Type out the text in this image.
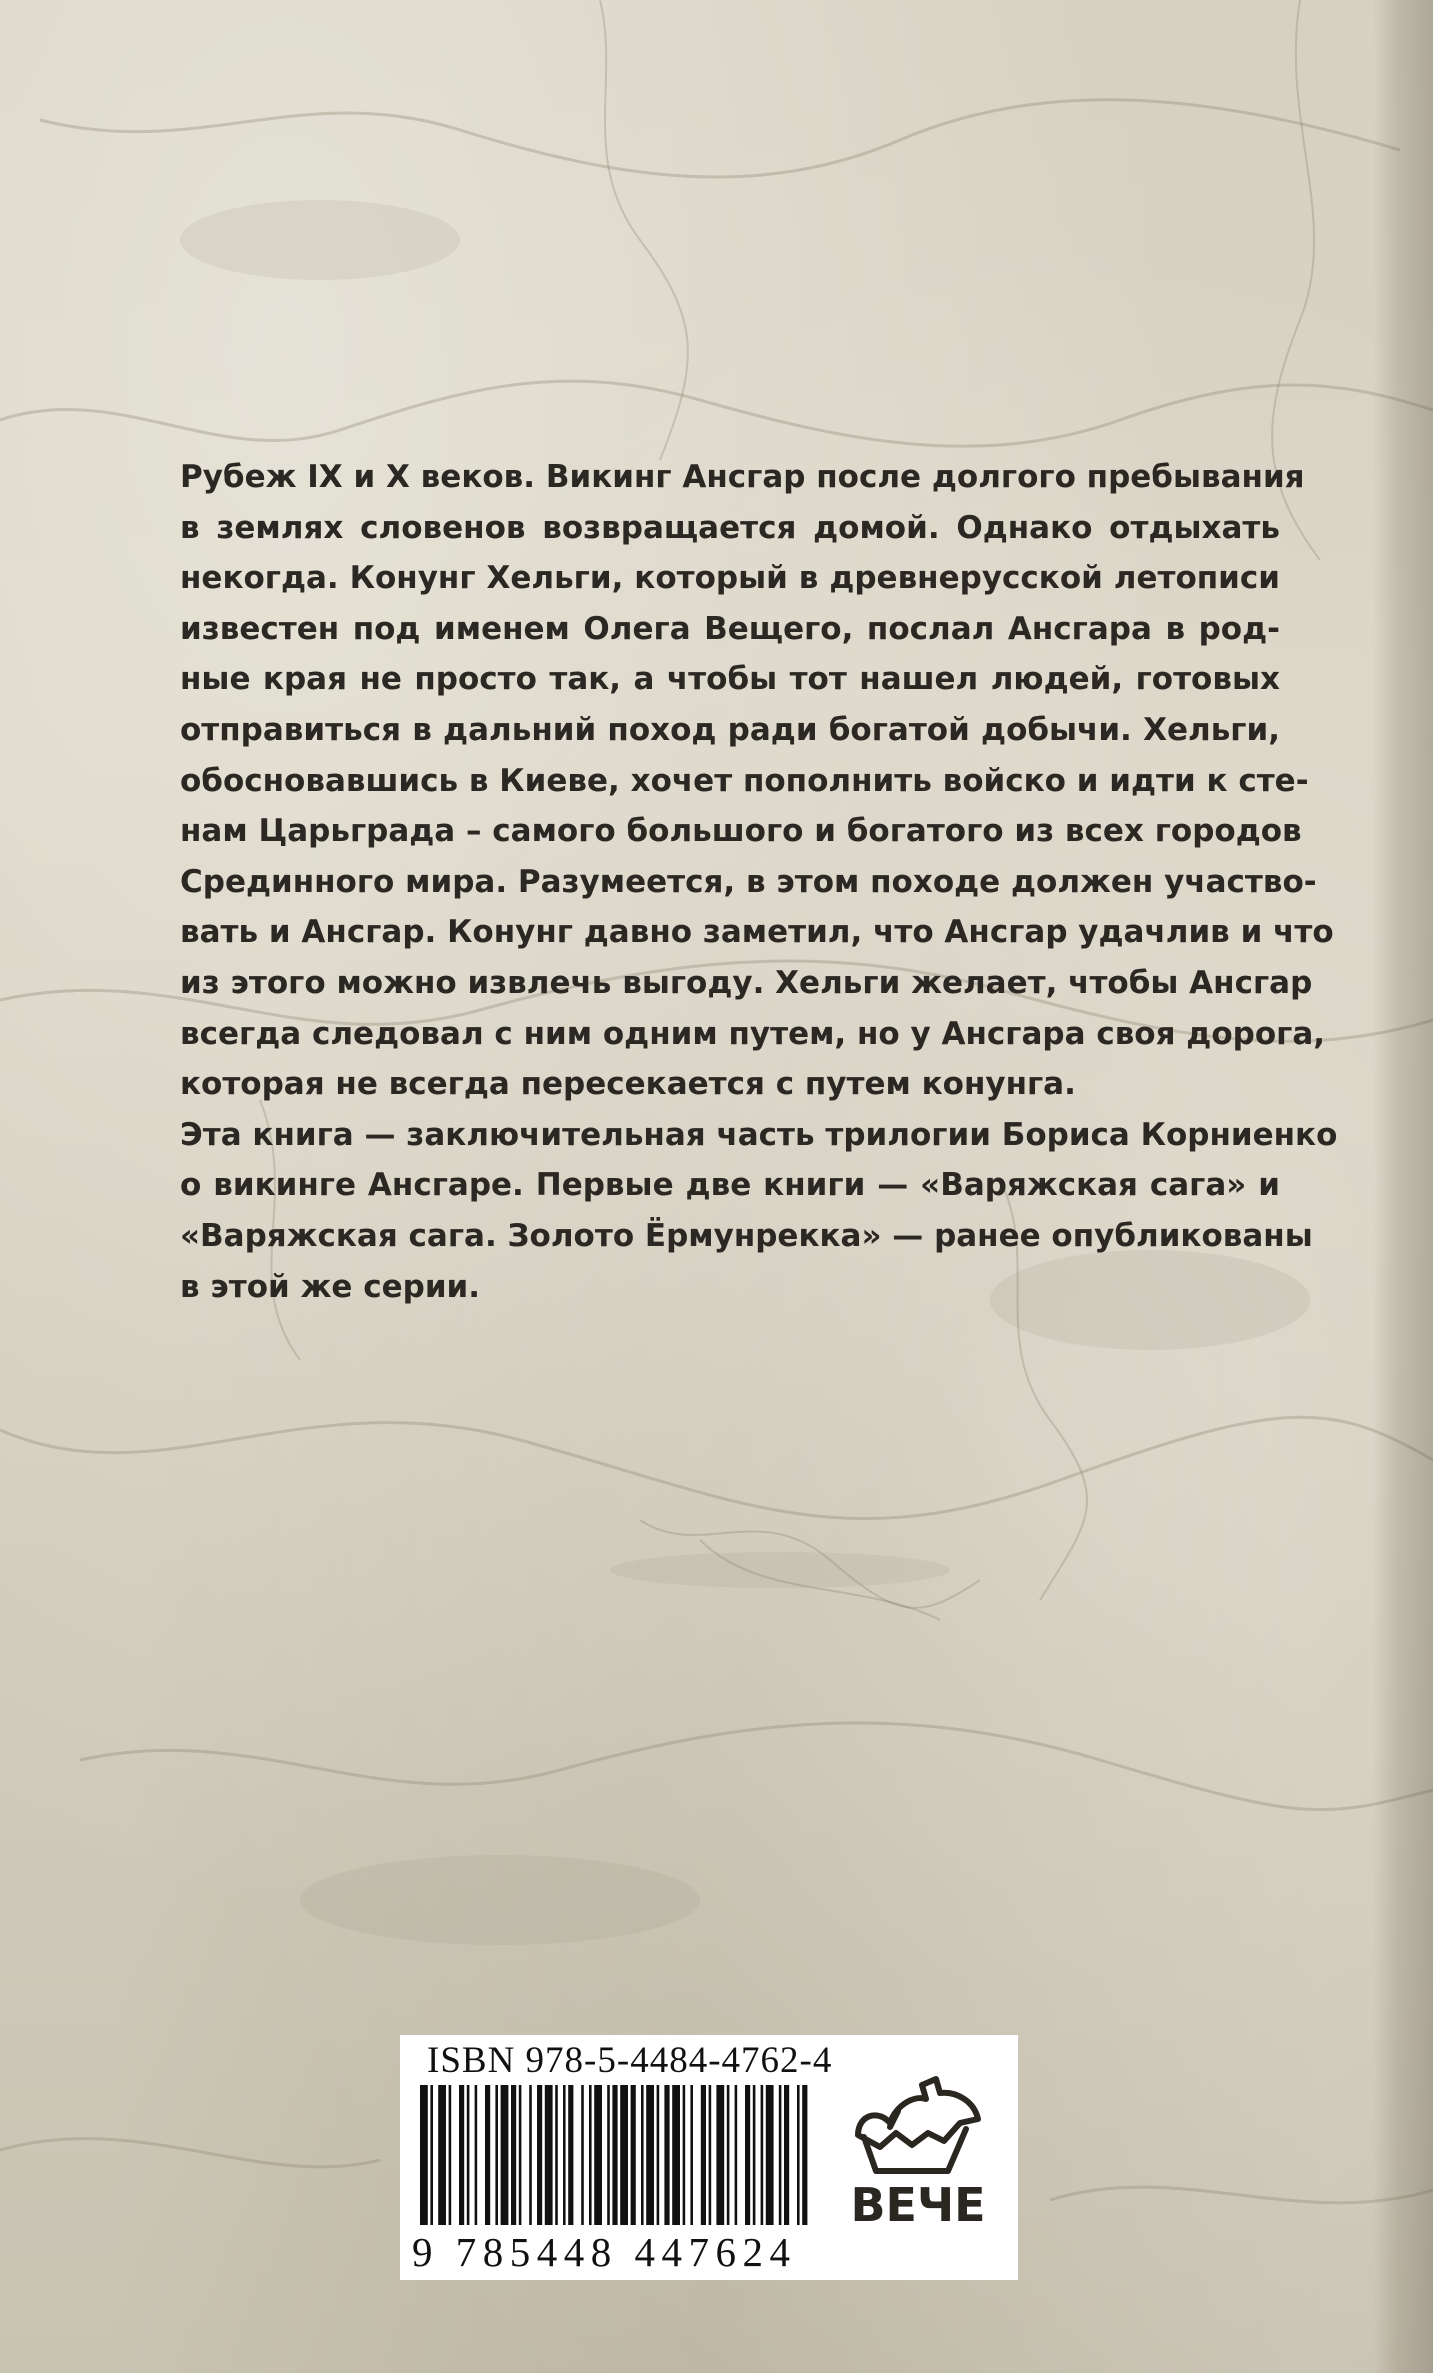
Рубеж IX и X веков. Викинг Ансгар после долгого пребывания
в землях словенов возвращается домой. Однако отдыхать
некогда. Конунг Хельги, который в древнерусской летописи
известен под именем Олега Вещего, послал Ансгара в род-
ные края не просто так, а чтобы тот нашел людей, готовых
отправиться в дальний поход ради богатой добычи. Хельги,
обосновавшись в Киеве, хочет пополнить войско и идти к сте-
нам Царьграда – самого большого и богатого из всех городов
Срединного мира. Разумеется, в этом походе должен участво-
вать и Ансгар. Конунг давно заметил, что Ансгар удачлив и что
из этого можно извлечь выгоду. Хельги желает, чтобы Ансгар
всегда следовал с ним одним путем, но у Ансгара своя дорога,
которая не всегда пересекается с путем конунга.
Эта книга — заключительная часть трилогии Бориса Корниенко
о викинге Ансгаре. Первые две книги — «Варяжская сага» и
«Варяжская сага. Золото Ёрмунрекка» — ранее опубликованы
в этой же серии.
ISBN 978-5-4484-4762-4
9 785448 447624
ВЕЧЕ
